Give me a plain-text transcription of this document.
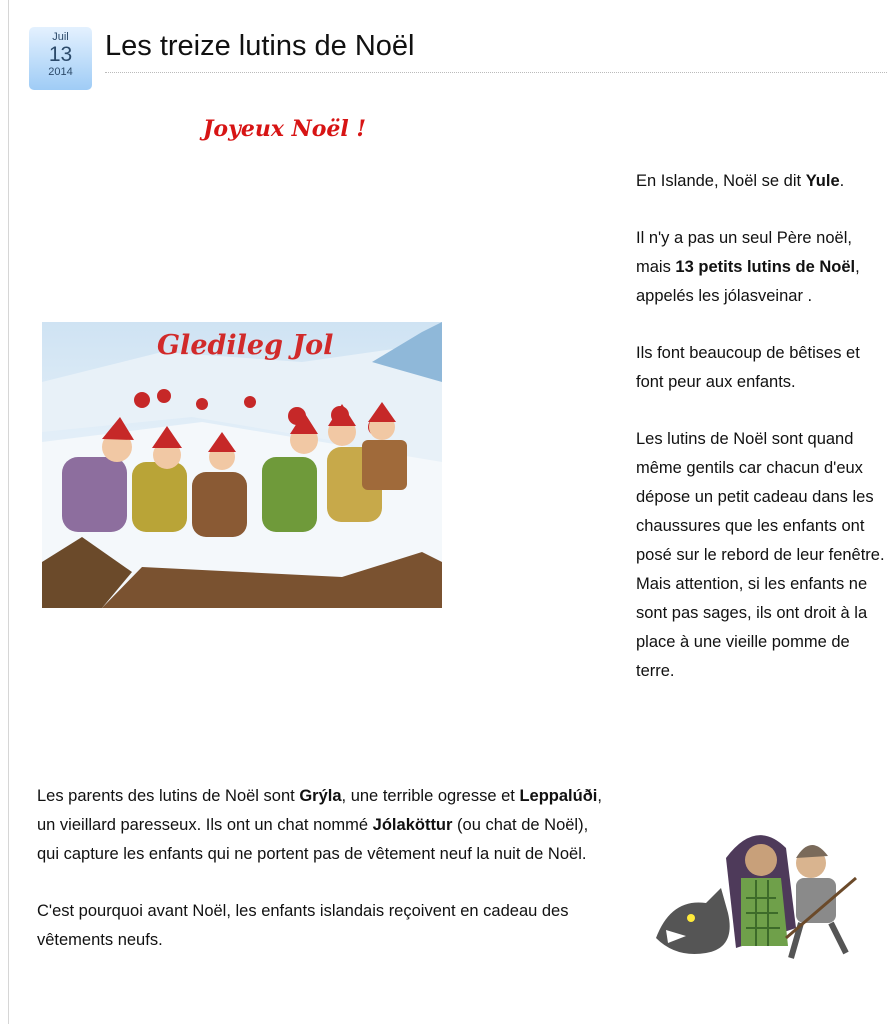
Juil
13
2014
Les treize lutins de Noël
Joyeux Noël !
Gledileg Jol

En Islande, Noël se dit Yule.

Il n'y a pas un seul Père noël, mais 13 petits lutins de Noël, appelés les jólasveinar .

Ils font beaucoup de bêtises et font peur aux enfants.

Les lutins de Noël sont quand même gentils car chacun d'eux dépose un petit cadeau dans les chaussures que les enfants ont posé sur le rebord de leur fenêtre. Mais attention, si les enfants ne sont pas sages, ils ont droit à la place à une vieille pomme de terre.

Les parents des lutins de Noël sont Grýla, une terrible ogresse et Leppalúði, un vieillard paresseux. Ils ont un chat nommé Jólaköttur (ou chat de Noël), qui capture les enfants qui ne portent pas de vêtement neuf la nuit de Noël.

C'est pourquoi avant Noël, les enfants islandais reçoivent en cadeau des vêtements neufs.
